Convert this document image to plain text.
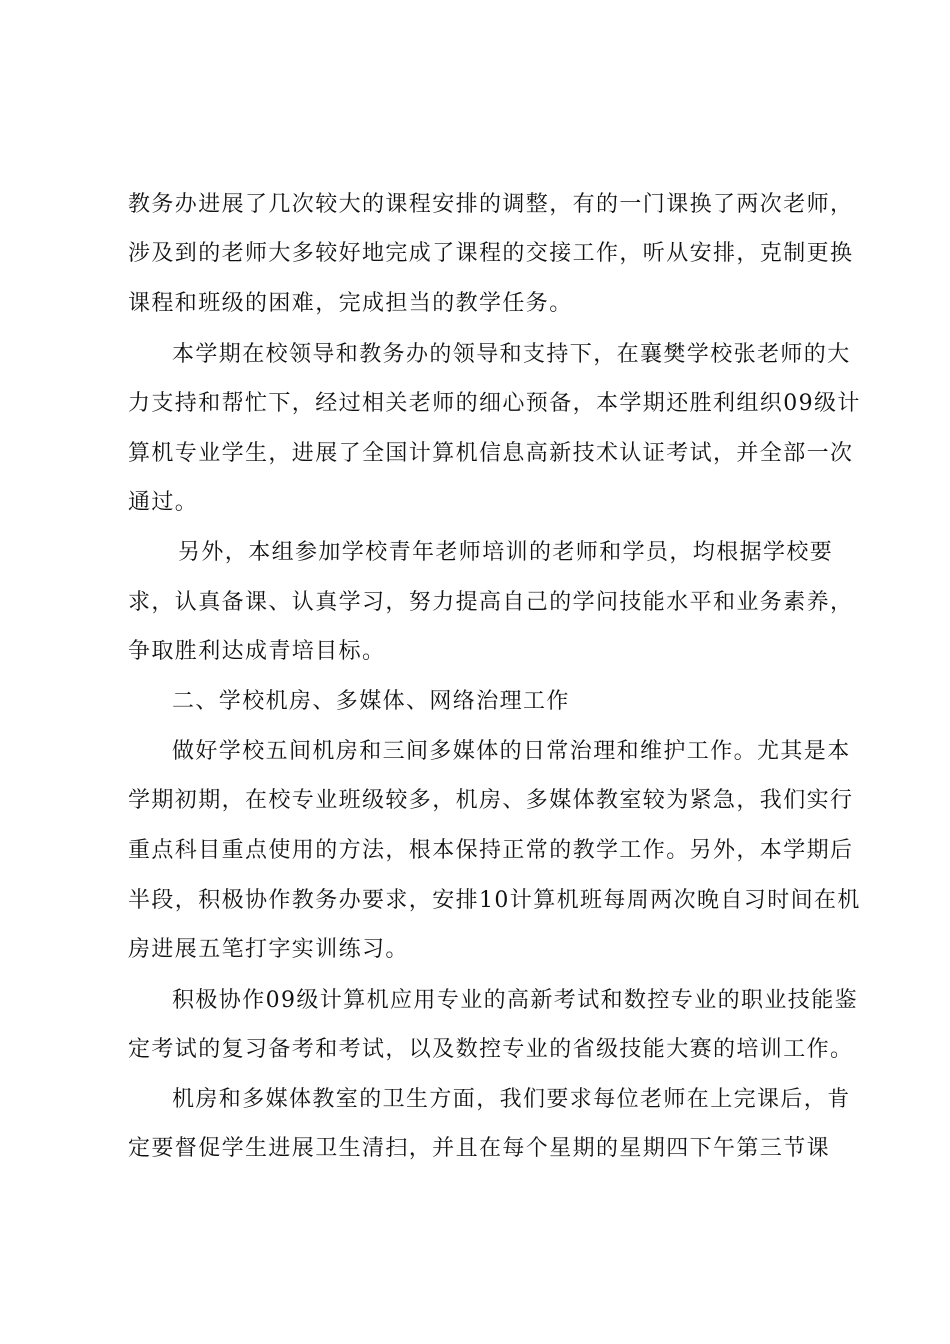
教务办进展了几次较大的课程安排的调整，有的一门课换了两次老师，
涉及到的老师大多较好地完成了课程的交接工作，听从安排，克制更换
课程和班级的困难，完成担当的教学任务。
本学期在校领导和教务办的领导和支持下，在襄樊学校张老师的大
力支持和帮忙下，经过相关老师的细心预备，本学期还胜利组织09级计
算机专业学生，进展了全国计算机信息高新技术认证考试，并全部一次
通过。
另外，本组参加学校青年老师培训的老师和学员，均根据学校要
求，认真备课、认真学习，努力提高自己的学问技能水平和业务素养，
争取胜利达成青培目标。
二、学校机房、多媒体、网络治理工作
做好学校五间机房和三间多媒体的日常治理和维护工作。尤其是本
学期初期，在校专业班级较多，机房、多媒体教室较为紧急，我们实行
重点科目重点使用的方法，根本保持正常的教学工作。另外，本学期后
半段，积极协作教务办要求，安排10计算机班每周两次晚自习时间在机
房进展五笔打字实训练习。
积极协作09级计算机应用专业的高新考试和数控专业的职业技能鉴
定考试的复习备考和考试，以及数控专业的省级技能大赛的培训工作。
机房和多媒体教室的卫生方面，我们要求每位老师在上完课后，肯
定要督促学生进展卫生清扫，并且在每个星期的星期四下午第三节课
